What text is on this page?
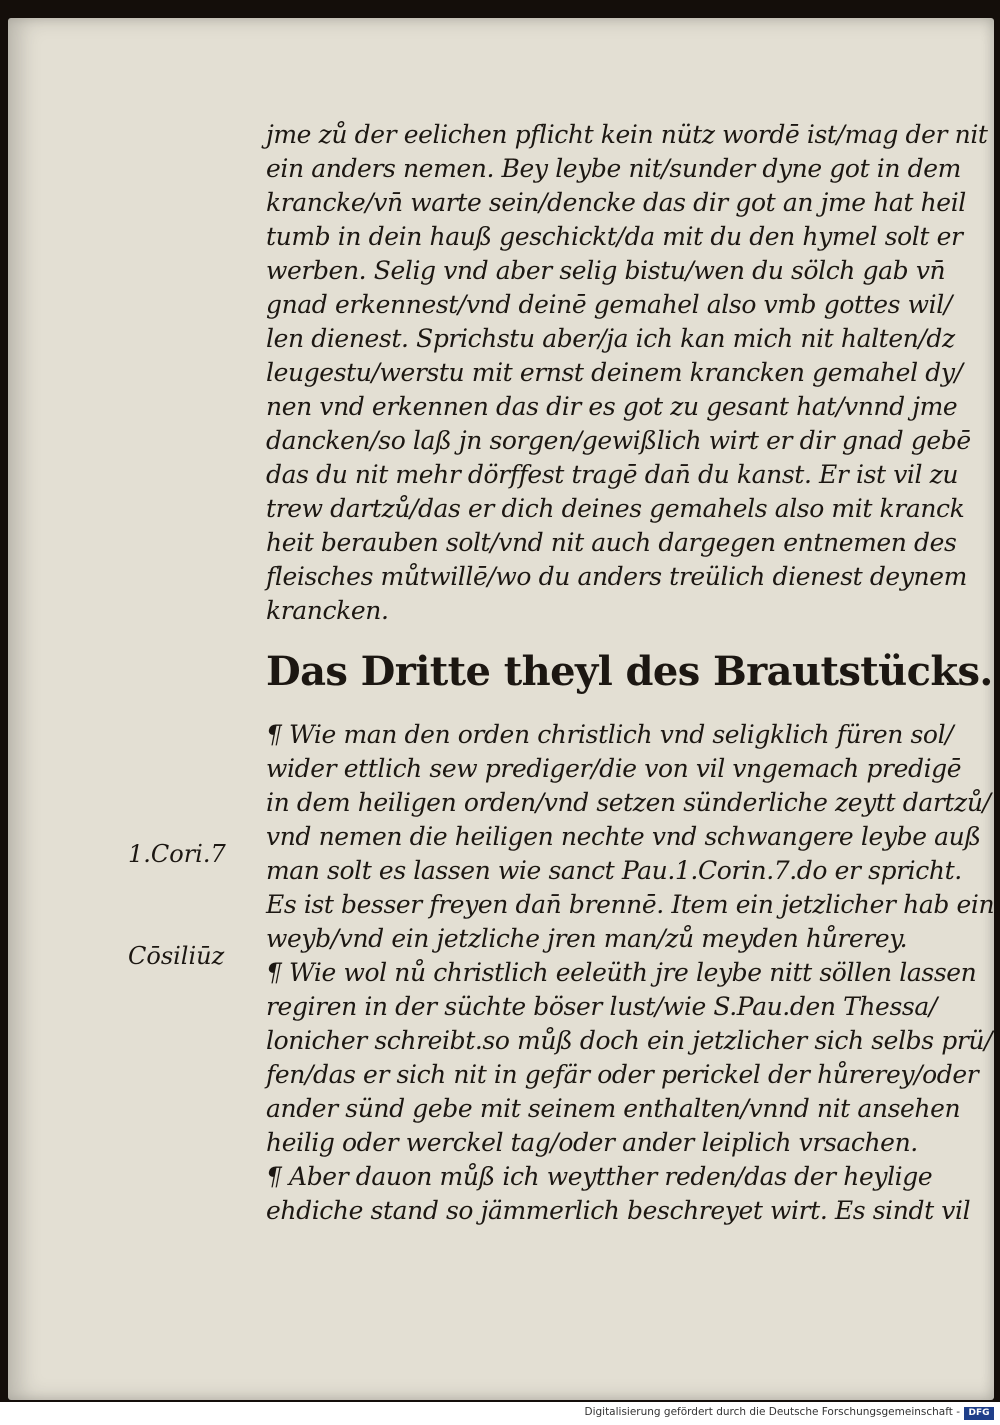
jme zů der eelichen pflicht kein nütz wordē ist/mag der nit
ein anders nemen. Bey leybe nit/sunder dyne got in dem
krancke/vn̄ warte sein/dencke das dir got an jme hat heil
tumb in dein hauß geschickt/da mit du den hymel solt er
werben. Selig vnd aber selig bistu/wen du sölch gab vn̄
gnad erkennest/vnd deinē gemahel also vmb gottes wil/
len dienest. Sprichstu aber/ja ich kan mich nit halten/dz
leugestu/werstu mit ernst deinem krancken gemahel dy/
nen vnd erkennen das dir es got zu gesant hat/vnnd jme
dancken/so laß jn sorgen/gewißlich wirt er dir gnad gebē
das du nit mehr dörffest tragē dan̄ du kanst. Er ist vil zu
trew dartzů/das er dich deines gemahels also mit kranck
heit berauben solt/vnd nit auch dargegen entnemen des
fleisches můtwillē/wo du anders treülich dienest deynem
krancken.
Das Dritte theyl des Brautstücks.
¶ Wie man den orden christlich vnd seligklich füren sol/
wider ettlich sew prediger/die von vil vngemach predigē
in dem heiligen orden/vnd setzen sünderliche zeytt dartzů/
vnd nemen die heiligen nechte vnd schwangere leybe auß
man solt es lassen wie sanct Pau.1.Corin.7.do er spricht.
Es ist besser freyen dan̄ brennē. Item ein jetzlicher hab ein
weyb/vnd ein jetzliche jren man/zů meyden hůrerey.
¶ Wie wol nů christlich eeleüth jre leybe nitt söllen lassen
regiren in der süchte böser lust/wie S.Pau.den Thessa/
lonicher schreibt.so můß doch ein jetzlicher sich selbs prü/
fen/das er sich nit in gefär oder perickel der hůrerey/oder
ander sünd gebe mit seinem enthalten/vnnd nit ansehen
heilig oder werckel tag/oder ander leiplich vrsachen.
¶ Aber dauon můß ich weytther reden/das der heylige
ehdiche stand so jämmerlich beschreyet wirt. Es sindt vil
1.Cori.7
Cōsiliūz
Digitalisierung gefördert durch die Deutsche Forschungsgemeinschaft - DFG
